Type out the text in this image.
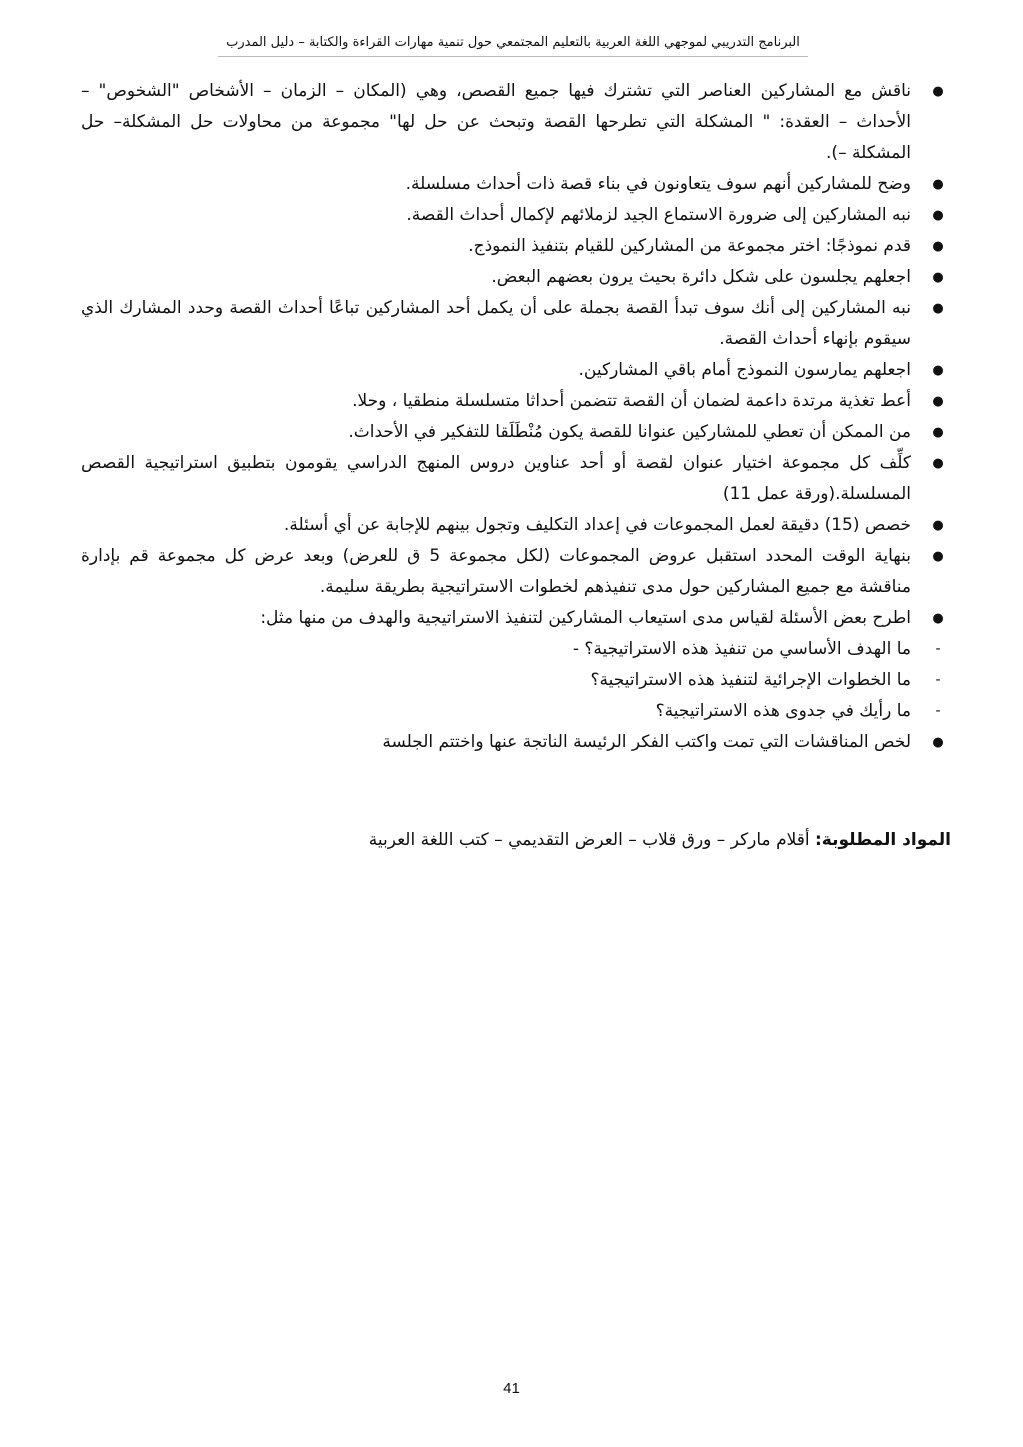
البرنامج التدريبي لموجهي اللغة العربية بالتعليم المجتمعي حول تنمية مهارات القراءة والكتابة – دليل المدرب
●
ناقش مع المشاركين العناصر التي تشترك فيها جميع القصص، وهي (المكان – الزمان – الأشخاص "الشخوص" – الأحداث – العقدة: " المشكلة التي تطرحها القصة وتبحث عن حل لها" مجموعة من محاولات حل المشكلة– حل المشكلة –).
●
وضح للمشاركين أنهم سوف يتعاونون في بناء قصة ذات أحداث مسلسلة.
●
نبه المشاركين إلى ضرورة الاستماع الجيد لزملائهم لإكمال أحداث القصة.
●
قدم نموذجًا: اختر مجموعة من المشاركين للقيام بتنفيذ النموذج.
●
اجعلهم يجلسون على شكل دائرة بحيث يرون بعضهم البعض.
●
نبه المشاركين إلى أنك سوف تبدأ القصة بجملة على أن يكمل أحد المشاركين تباعًا أحداث القصة وحدد المشارك الذي سيقوم بإنهاء أحداث القصة.
●
اجعلهم يمارسون النموذج أمام باقي المشاركين.
●
أعط تغذية مرتدة داعمة لضمان أن القصة تتضمن أحداثا متسلسلة منطقيا ، وحلا.
●
من الممكن أن تعطي للمشاركين عنوانا للقصة يكون مُنْطَلَقا للتفكير في الأحداث.
●
كلِّف كل مجموعة اختيار عنوان لقصة أو أحد عناوين دروس المنهج الدراسي يقومون بتطبيق استراتيجية القصص المسلسلة.(ورقة عمل 11)
●
خصص (15) دقيقة لعمل المجموعات في إعداد التكليف وتجول بينهم للإجابة عن أي أسئلة.
●
بنهاية الوقت المحدد استقبل عروض المجموعات (لكل مجموعة 5 ق للعرض) وبعد عرض كل مجموعة قم بإدارة مناقشة مع جميع المشاركين حول مدى تنفيذهم لخطوات الاستراتيجية بطريقة سليمة.
●
اطرح بعض الأسئلة لقياس مدى استيعاب المشاركين لتنفيذ الاستراتيجية والهدف من منها مثل:
-
ما الهدف الأساسي من تنفيذ هذه الاستراتيجية؟ -
-
ما الخطوات الإجرائية لتنفيذ هذه الاستراتيجية؟
-
ما رأيك في جدوى هذه الاستراتيجية؟
●
لخص المناقشات التي تمت واكتب الفكر الرئيسة الناتجة عنها واختتم الجلسة
المواد المطلوبة: أقلام ماركر – ورق قلاب – العرض التقديمي – كتب اللغة العربية
41
